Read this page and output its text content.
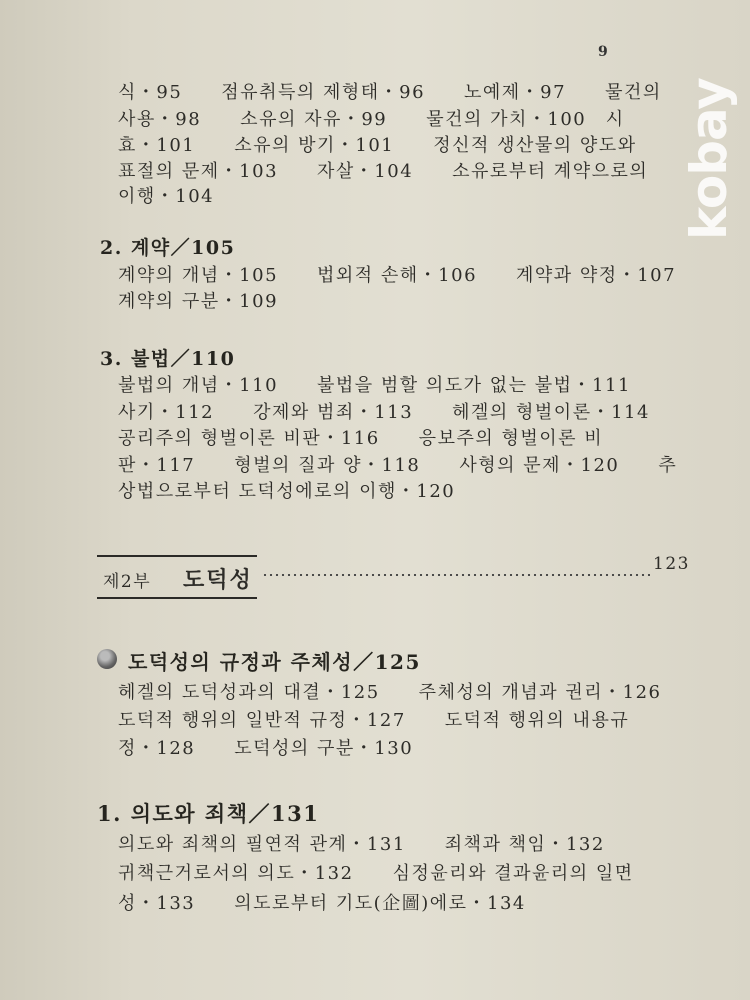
9
kobay
식・95　　점유취득의 제형태・96　　노예제・97　　물건의
사용・98　　소유의 자유・99　　물건의 가치・100　시
효・101　　소유의 방기・101　　정신적 생산물의 양도와
표절의 문제・103　　자살・104　　소유로부터 계약으로의
이행・104
2. 계약／105
계약의 개념・105　　법외적 손해・106　　계약과 약정・107
계약의 구분・109
3. 불법／110
불법의 개념・110　　불법을 범할 의도가 없는 불법・111
사기・112　　강제와 범죄・113　　헤겔의 형벌이론・114
공리주의 형벌이론 비판・116　　응보주의 형벌이론 비
판・117　　형벌의 질과 양・118　　사형의 문제・120　　추
상법으로부터 도덕성에로의 이행・120
제2부 도덕성
123
도덕성의 규정과 주체성／125
헤겔의 도덕성과의 대결・125　　주체성의 개념과 권리・126
도덕적 행위의 일반적 규정・127　　도덕적 행위의 내용규
정・128　　도덕성의 구분・130
1. 의도와 죄책／131
의도와 죄책의 필연적 관계・131　　죄책과 책임・132
귀책근거로서의 의도・132　　심정윤리와 결과윤리의 일면
성・133　　의도로부터 기도(企圖)에로・134
